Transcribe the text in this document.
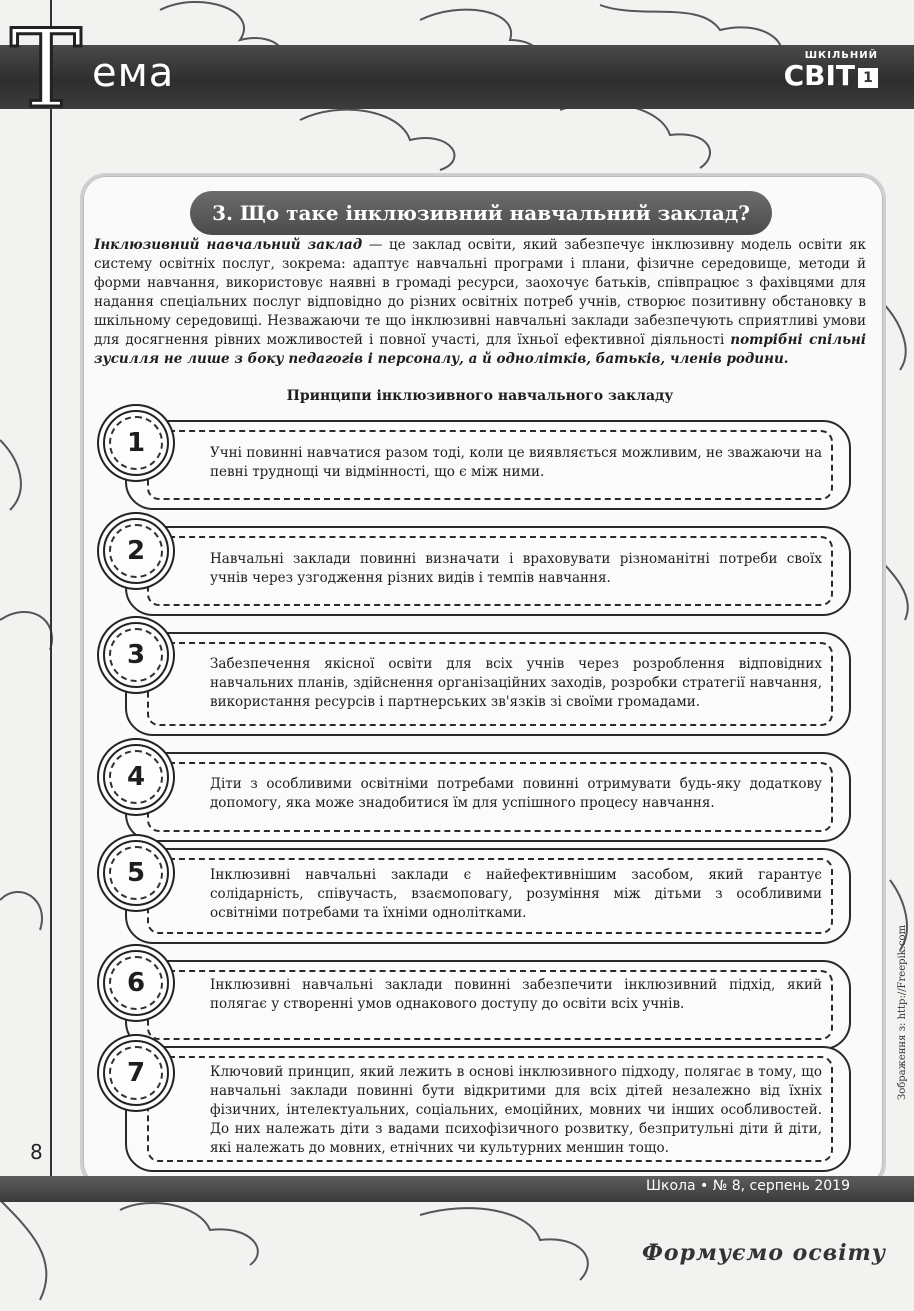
Т ема	ШКІЛЬНИЙ
СВІТ 1
3. Що таке інклюзивний навчальний заклад?
Інклюзивний навчальний заклад — це заклад освіти, який забезпечує інклюзивну модель освіти як систему освітніх послуг, зокрема: адаптує навчальні програми і плани, фізичне середовище, методи й форми навчання, використовує наявні в громаді ресурси, заохочує батьків, співпрацює з фахівцями для надання спеціальних послуг відповідно до різних освітніх потреб учнів, створює позитивну обстановку в шкільному середовищі. Незважаючи те що інклюзивні навчальні заклади забезпечують сприятливі умови для досягнення рівних можливостей і повної участі, для їхньої ефективної діяльності потрібні спільні зусилля не лише з боку педагогів і персоналу, а й однолітків, батьків, членів родини.
Принципи інклюзивного навчального закладу
1	Учні повинні навчатися разом тоді, коли це виявляється можливим, не зважаючи на певні труднощі чи відмінності, що є між ними.
2	Навчальні заклади повинні визначати і враховувати різноманітні потреби своїх учнів через узгодження різних видів і темпів навчання.
3	Забезпечення якісної освіти для всіх учнів через розроблення відповідних навчальних планів, здійснення організаційних заходів, розробки стратегії навчання, використання ресурсів і партнерських зв'язків зі своїми громадами.
4	Діти з особливими освітніми потребами повинні отримувати будь-яку додаткову допомогу, яка може знадобитися їм для успішного процесу навчання.
5	Інклюзивні навчальні заклади є найефективнішим засобом, який гарантує солідарність, співучасть, взаємоповагу, розуміння між дітьми з особливими освітніми потребами та їхніми однолітками.
6	Інклюзивні навчальні заклади повинні забезпечити інклюзивний підхід, який полягає у створенні умов однакового доступу до освіти всіх учнів.
7	Ключовий принцип, який лежить в основі інклюзивного підходу, полягає в тому, що навчальні заклади повинні бути відкритими для всіх дітей незалежно від їхніх фізичних, інтелектуальних, соціальних, емоційних, мовних чи інших особливостей. До них належать діти з вадами психофізичного розвитку, безпритульні діти й діти, які належать до мовних, етнічних чи культурних меншин тощо.
8
Зображення з: http://Freepik.com
Школа • № 8, серпень 2019
Формуємо освіту
